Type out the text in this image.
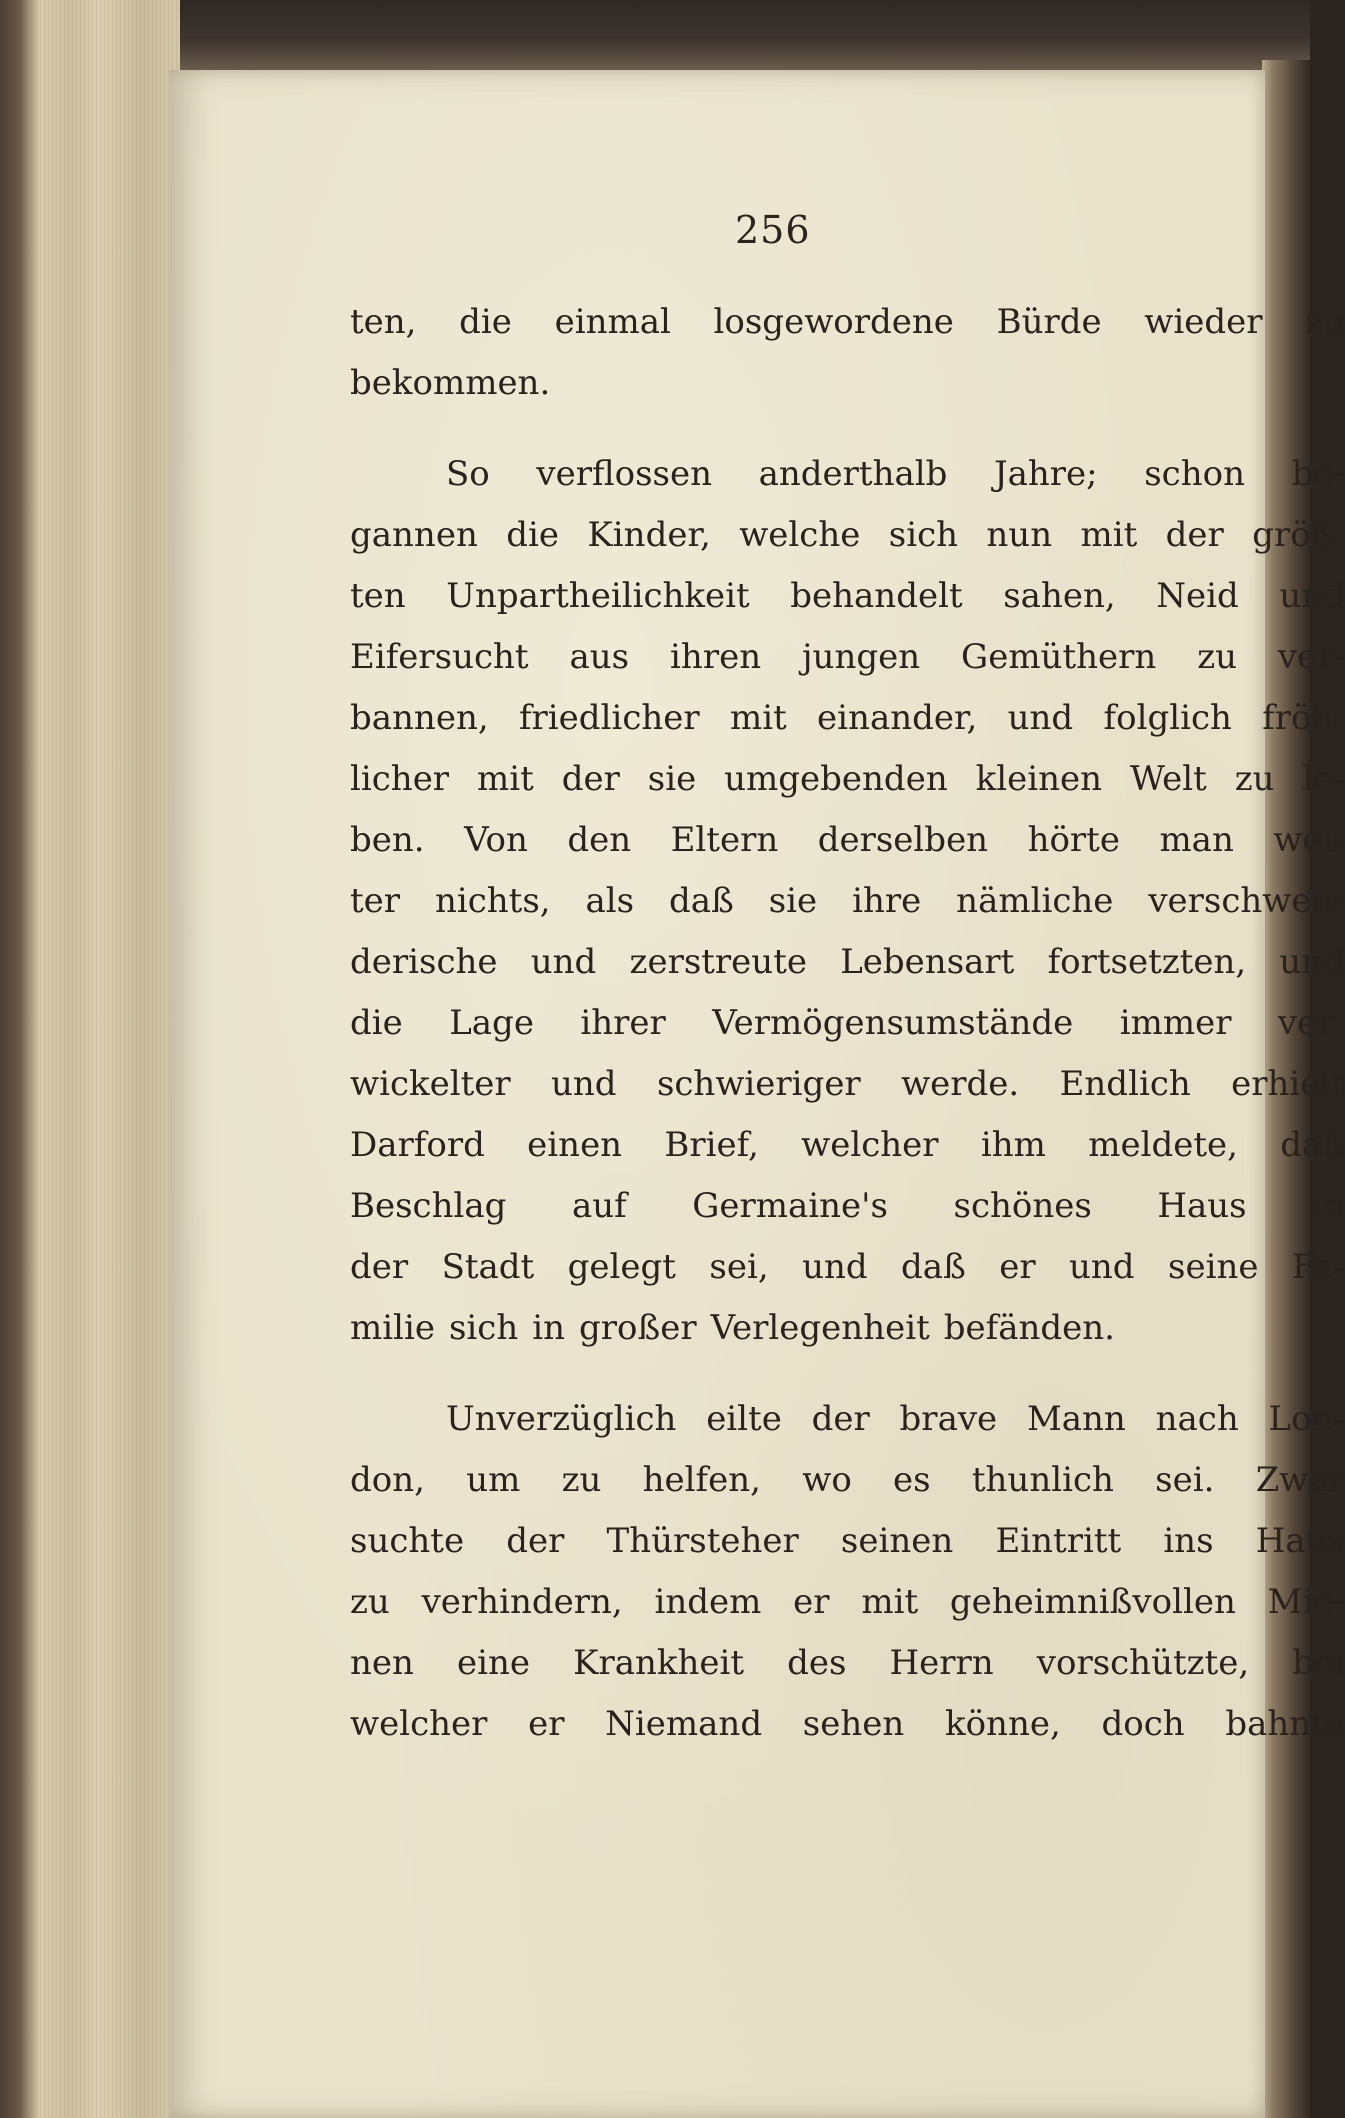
256
ten, die einmal losgewordene Bürde wieder zu
bekommen.
So verflossen anderthalb Jahre; schon be-
gannen die Kinder, welche sich nun mit der größ-
ten Unpartheilichkeit behandelt sahen, Neid und
Eifersucht aus ihren jungen Gemüthern zu ver-
bannen, friedlicher mit einander, und folglich fröh-
licher mit der sie umgebenden kleinen Welt zu le-
ben. Von den Eltern derselben hörte man wei-
ter nichts, als daß sie ihre nämliche verschwen-
derische und zerstreute Lebensart fortsetzten, und
die Lage ihrer Vermögensumstände immer ver-
wickelter und schwieriger werde. Endlich erhielt
Darford einen Brief, welcher ihm meldete, daß
Beschlag auf Germaine's schönes Haus in
der Stadt gelegt sei, und daß er und seine Fa-
milie sich in großer Verlegenheit befänden.
Unverzüglich eilte der brave Mann nach Lon-
don, um zu helfen, wo es thunlich sei. Zwar
suchte der Thürsteher seinen Eintritt ins Haus
zu verhindern, indem er mit geheimnißvollen Mie-
nen eine Krankheit des Herrn vorschützte, bei
welcher er Niemand sehen könne, doch bahnte
